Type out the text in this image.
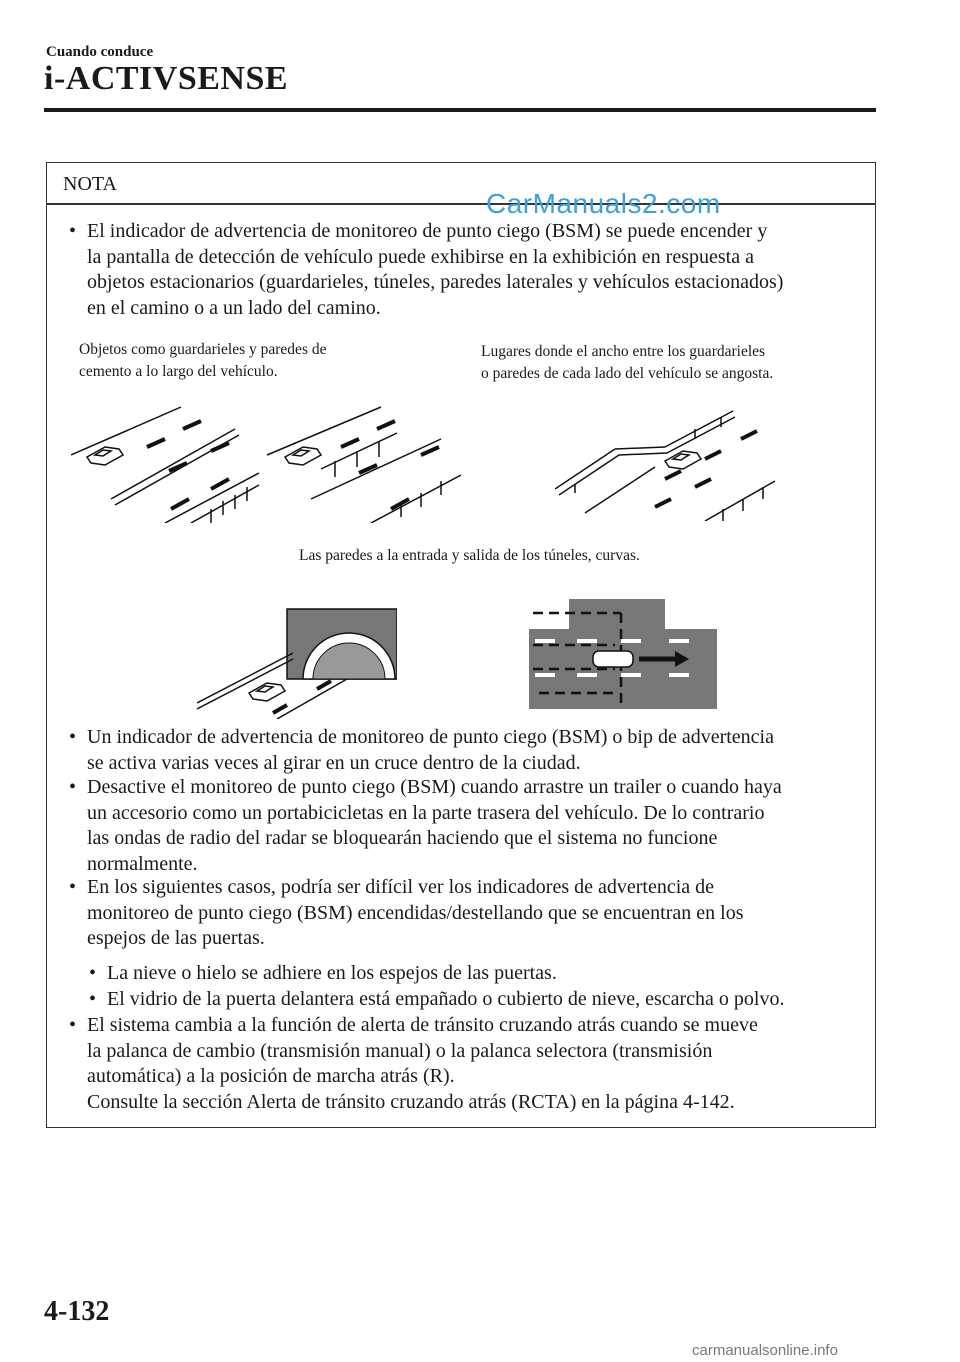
Cuando conduce
i-ACTIVSENSE
NOTA
• El indicador de advertencia de monitoreo de punto ciego (BSM) se puede encender y
la pantalla de detección de vehículo puede exhibirse en la exhibición en respuesta a
objetos estacionarios (guardarieles, túneles, paredes laterales y vehículos estacionados)
en el camino o a un lado del camino.
Objetos como guardarieles y paredes de
cemento a lo largo del vehículo.
Lugares donde el ancho entre los guardarieles
o paredes de cada lado del vehículo se angosta.
Las paredes a la entrada y salida de los túneles, curvas.
• Un indicador de advertencia de monitoreo de punto ciego (BSM) o bip de advertencia
se activa varias veces al girar en un cruce dentro de la ciudad.
• Desactive el monitoreo de punto ciego (BSM) cuando arrastre un trailer o cuando haya
un accesorio como un portabicicletas en la parte trasera del vehículo. De lo contrario
las ondas de radio del radar se bloquearán haciendo que el sistema no funcione
normalmente.
• En los siguientes casos, podría ser difícil ver los indicadores de advertencia de
monitoreo de punto ciego (BSM) encendidas/destellando que se encuentran en los
espejos de las puertas.
• La nieve o hielo se adhiere en los espejos de las puertas.
• El vidrio de la puerta delantera está empañado o cubierto de nieve, escarcha o polvo.
• El sistema cambia a la función de alerta de tránsito cruzando atrás cuando se mueve
la palanca de cambio (transmisión manual) o la palanca selectora (transmisión
automática) a la posición de marcha atrás (R).
Consulte la sección Alerta de tránsito cruzando atrás (RCTA) en la página 4-142.
CarManuals2.com
4-132
carmanualsonline.info
